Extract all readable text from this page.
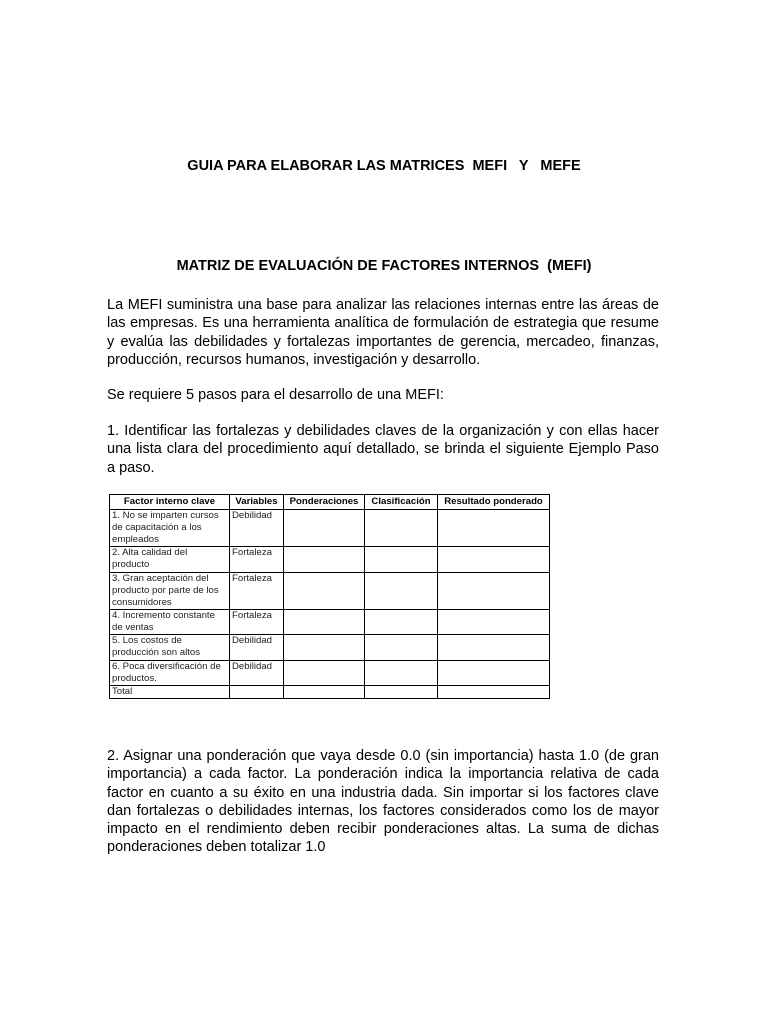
GUIA PARA ELABORAR LAS MATRICES  MEFI   Y   MEFE
MATRIZ DE EVALUACIÓN DE FACTORES INTERNOS  (MEFI)
La MEFI suministra una base para analizar las relaciones internas entre las áreas de las empresas. Es una herramienta analítica de formulación de estrategia que resume y evalúa las debilidades y fortalezas importantes de gerencia, mercadeo, finanzas, producción, recursos humanos, investigación y desarrollo.
Se requiere 5 pasos para el desarrollo de una MEFI:
1. Identificar las fortalezas y debilidades claves de la organización y con ellas hacer una lista clara del procedimiento aquí detallado, se brinda el siguiente Ejemplo Paso a paso.
Factor interno clave	Variables	Ponderaciones	Clasificación	Resultado ponderado
1. No se imparten cursos de capacitación a los empleados	Debilidad			
2. Alta calidad del producto	Fortaleza			
3. Gran aceptación del producto por parte de los consumidores	Fortaleza			
4. Incremento constante de ventas	Fortaleza			
5. Los costos de producción son altos	Debilidad			
6. Poca diversificación de productos.	Debilidad			
Total				
2. Asignar una ponderación que vaya desde 0.0 (sin importancia) hasta 1.0 (de gran importancia) a cada factor. La ponderación indica la importancia relativa de cada factor en cuanto a su éxito en una industria dada. Sin importar si los factores clave dan fortalezas o debilidades internas, los factores considerados como los de mayor impacto en el rendimiento deben recibir ponderaciones altas. La suma de dichas ponderaciones deben totalizar 1.0
